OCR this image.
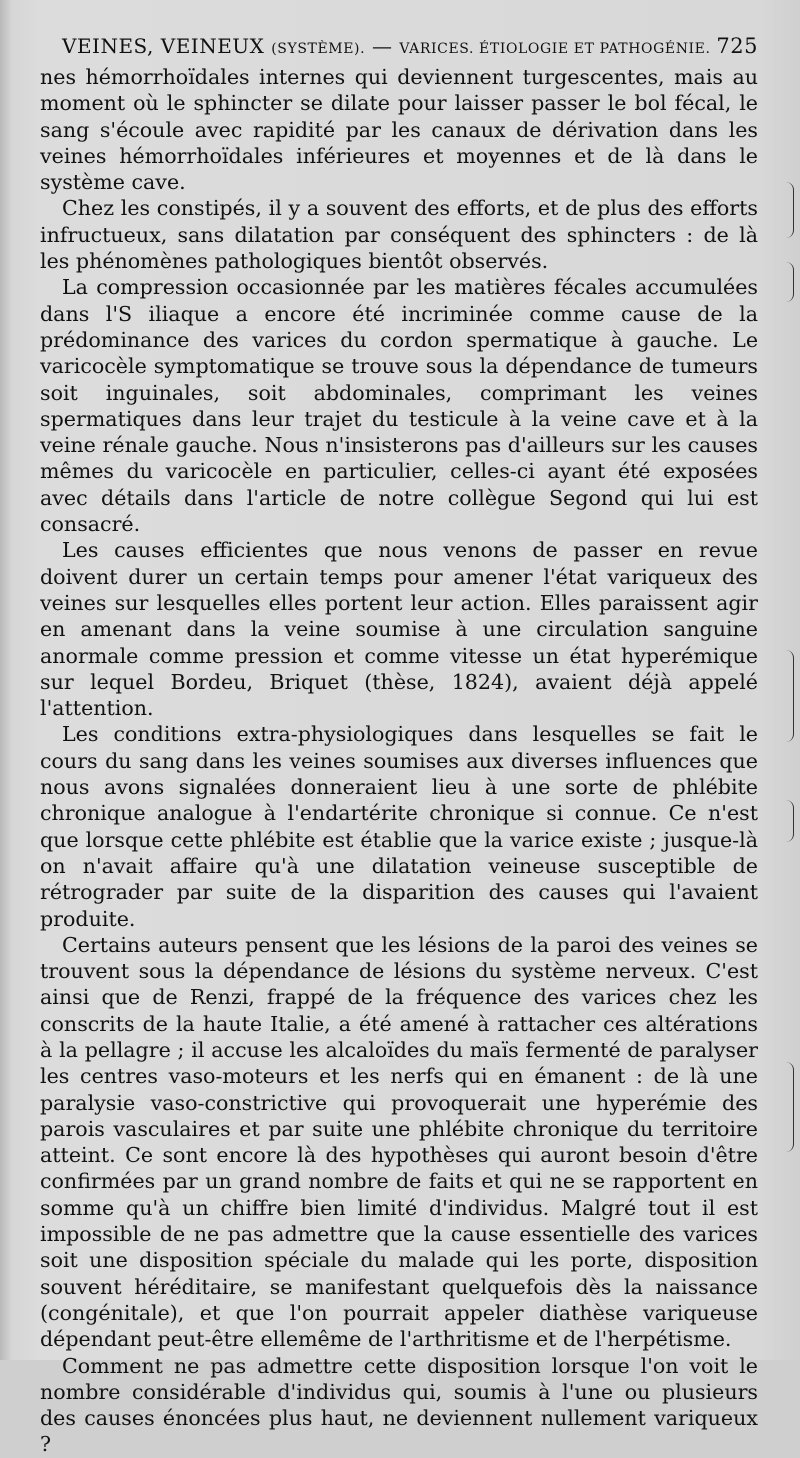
VEINES, VEINEUX (SYSTÈME). — VARICES. ÉTIOLOGIE ET PATHOGÉNIE. 725

nes hémorrhoïdales internes qui deviennent turgescentes, mais au moment où le sphincter se dilate pour laisser passer le bol fécal, le sang s'écoule avec rapidité par les canaux de dérivation dans les veines hémorrhoïdales inférieures et moyennes et de là dans le système cave.

Chez les constipés, il y a souvent des efforts, et de plus des efforts infructueux, sans dilatation par conséquent des sphincters : de là les phénomènes pathologiques bientôt observés.

La compression occasionnée par les matières fécales accumulées dans l'S iliaque a encore été incriminée comme cause de la prédominance des varices du cordon spermatique à gauche. Le varicocèle symptomatique se trouve sous la dépendance de tumeurs soit inguinales, soit abdominales, comprimant les veines spermatiques dans leur trajet du testicule à la veine cave et à la veine rénale gauche. Nous n'insisterons pas d'ailleurs sur les causes mêmes du varicocèle en particulier, celles-ci ayant été exposées avec détails dans l'article de notre collègue Segond qui lui est consacré.

Les causes efficientes que nous venons de passer en revue doivent durer un certain temps pour amener l'état variqueux des veines sur lesquelles elles portent leur action. Elles paraissent agir en amenant dans la veine soumise à une circulation sanguine anormale comme pression et comme vitesse un état hyperémique sur lequel Bordeu, Briquet (thèse, 1824), avaient déjà appelé l'attention.

Les conditions extra-physiologiques dans lesquelles se fait le cours du sang dans les veines soumises aux diverses influences que nous avons signalées donneraient lieu à une sorte de phlébite chronique analogue à l'endartérite chronique si connue. Ce n'est que lorsque cette phlébite est établie que la varice existe ; jusque-là on n'avait affaire qu'à une dilatation veineuse susceptible de rétrograder par suite de la disparition des causes qui l'avaient produite.

Certains auteurs pensent que les lésions de la paroi des veines se trouvent sous la dépendance de lésions du système nerveux. C'est ainsi que de Renzi, frappé de la fréquence des varices chez les conscrits de la haute Italie, a été amené à rattacher ces altérations à la pellagre ; il accuse les alcaloïdes du maïs fermenté de paralyser les centres vaso-moteurs et les nerfs qui en émanent : de là une paralysie vaso-constrictive qui provoquerait une hyperémie des parois vasculaires et par suite une phlébite chronique du territoire atteint. Ce sont encore là des hypothèses qui auront besoin d'être confirmées par un grand nombre de faits et qui ne se rapportent en somme qu'à un chiffre bien limité d'individus. Malgré tout il est impossible de ne pas admettre que la cause essentielle des varices soit une disposition spéciale du malade qui les porte, disposition souvent héréditaire, se manifestant quelquefois dès la naissance (congénitale), et que l'on pourrait appeler diathèse variqueuse dépendant peut-être ellemême de l'arthritisme et de l'herpétisme.

Comment ne pas admettre cette disposition lorsque l'on voit le nombre considérable d'individus qui, soumis à l'une ou plusieurs des causes énoncées plus haut, ne deviennent nullement variqueux ?
